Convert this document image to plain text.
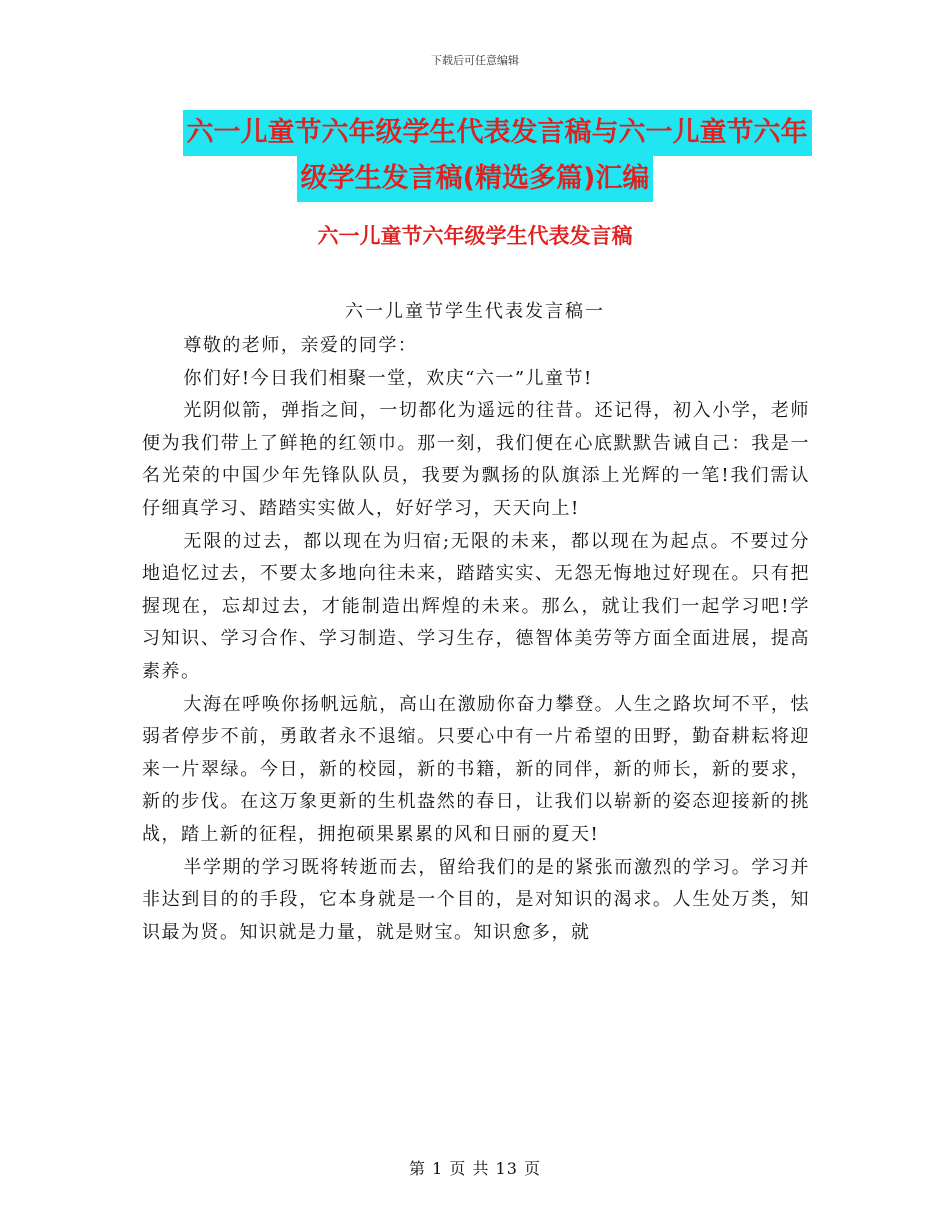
下载后可任意编辑
六一儿童节六年级学生代表发言稿与六一儿童节六年
级学生发言稿(精选多篇)汇编
六一儿童节六年级学生代表发言稿
六一儿童节学生代表发言稿一

尊敬的老师，亲爱的同学：

你们好!今日我们相聚一堂，欢庆“六一”儿童节!

光阴似箭，弹指之间，一切都化为遥远的往昔。还记得，初入小学，老师便为我们带上了鲜艳的红领巾。那一刻，我们便在心底默默告诫自己：我是一名光荣的中国少年先锋队队员，我要为飘扬的队旗添上光辉的一笔!我们需认仔细真学习、踏踏实实做人，好好学习，天天向上!

无限的过去，都以现在为归宿;无限的未来，都以现在为起点。不要过分地追忆过去，不要太多地向往未来，踏踏实实、无怨无悔地过好现在。只有把握现在，忘却过去，才能制造出辉煌的未来。那么，就让我们一起学习吧!学习知识、学习合作、学习制造、学习生存，德智体美劳等方面全面进展，提高素养。

大海在呼唤你扬帆远航，高山在激励你奋力攀登。人生之路坎坷不平，怯弱者停步不前，勇敢者永不退缩。只要心中有一片希望的田野，勤奋耕耘将迎来一片翠绿。今日，新的校园，新的书籍，新的同伴，新的师长，新的要求，新的步伐。在这万象更新的生机盎然的春日，让我们以崭新的姿态迎接新的挑战，踏上新的征程，拥抱硕果累累的风和日丽的夏天!

半学期的学习既将转逝而去，留给我们的是的紧张而激烈的学习。学习并非达到目的的手段，它本身就是一个目的，是对知识的渴求。人生处万类，知识最为贤。知识就是力量，就是财宝。知识愈多，就

第 1 页 共 13 页
